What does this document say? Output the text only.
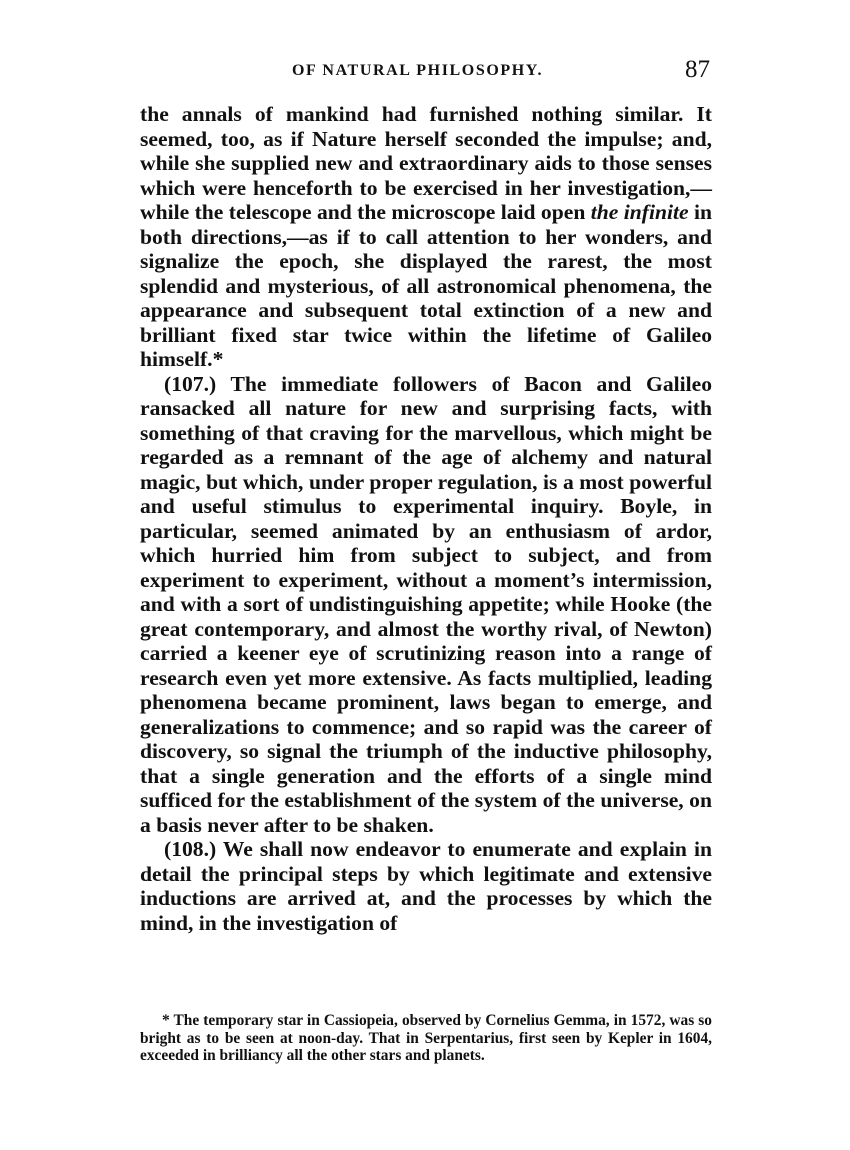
OF NATURAL PHILOSOPHY.	87

the annals of mankind had furnished nothing similar. It seemed, too, as if Nature herself seconded the impulse; and, while she supplied new and extraordinary aids to those senses which were henceforth to be exercised in her investigation,—while the telescope and the microscope laid open the infinite in both directions,—as if to call attention to her wonders, and signalize the epoch, she displayed the rarest, the most splendid and mysterious, of all astronomical phenomena, the appearance and subsequent total extinction of a new and brilliant fixed star twice within the lifetime of Galileo himself.*

(107.) The immediate followers of Bacon and Galileo ransacked all nature for new and surprising facts, with something of that craving for the marvellous, which might be regarded as a remnant of the age of alchemy and natural magic, but which, under proper regulation, is a most powerful and useful stimulus to experimental inquiry. Boyle, in particular, seemed animated by an enthusiasm of ardor, which hurried him from subject to subject, and from experiment to experiment, without a moment’s intermission, and with a sort of undistinguishing appetite; while Hooke (the great contemporary, and almost the worthy rival, of Newton) carried a keener eye of scrutinizing reason into a range of research even yet more extensive. As facts multiplied, leading phenomena became prominent, laws began to emerge, and generalizations to commence; and so rapid was the career of discovery, so signal the triumph of the inductive philosophy, that a single generation and the efforts of a single mind sufficed for the establishment of the system of the universe, on a basis never after to be shaken.

(108.) We shall now endeavor to enumerate and explain in detail the principal steps by which legitimate and extensive inductions are arrived at, and the processes by which the mind, in the investigation of

* The temporary star in Cassiopeia, observed by Cornelius Gemma, in 1572, was so bright as to be seen at noon-day. That in Serpentarius, first seen by Kepler in 1604, exceeded in brilliancy all the other stars and planets.
